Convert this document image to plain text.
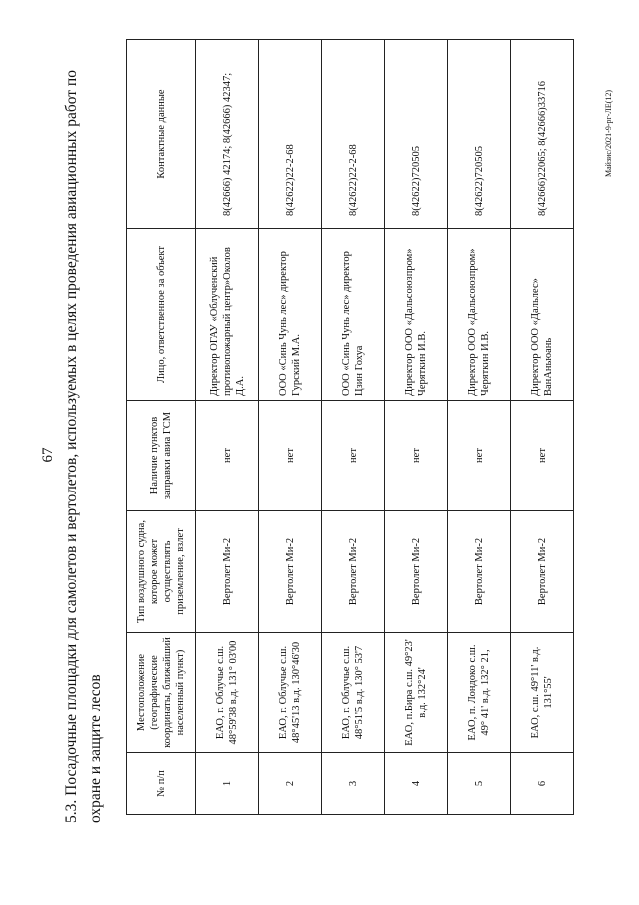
67 5.3. Посадочные площадки для самолетов и вертолетов, используемых в целях проведения авиационных работ по охране и защите лесов	№ п/п	Местоположение (географические координаты, ближайший населенный пункт)	Тип воздушного судна, которое может осуществлять приземление, взлет	Наличие пунктов заправки авиа ГСМ	Лицо, ответственное за объект	Контактные данные
1	ЕАО, г. Облучье с.ш. 48°59'38 в.д. 131° 03'00	Вертолет Ми-2	нет	Директор ОГАУ «Облученский противопожарный центр»Околов Д.А.	8(42666) 42174; 8(42666) 42347;
2	ЕАО, г. Облучье с.ш. 48°45'13 в.д. 130°46'30	Вертолет Ми-2	нет	ООО «Синь Чунь лес» директор Гурский М.А.	8(42622)22-2-68
3	ЕАО, г. Облучье с.ш. 48°51'5 в.д. 130° 53'7	Вертолет Ми-2	нет	ООО «Синь Чунь лес» директор Цзин Гохуа	8(42622)22-2-68
4	ЕАО, п.Бира с.ш. 49°23' в.д. 132°24'	Вертолет Ми-2	нет	Директор ООО «Дальсоюзпром» Черяткин И.В.	8(42622)720505
5	ЕАО, п. Лондоко с.ш. 49° 41' в.д. 132° 21,	Вертолет Ми-2	нет	Директор ООО «Дальсоюзпром» Черяткин И.В.	8(42622)720505
6	ЕАО, с.ш. 49°11' в.д. 131°55'	Вертолет Ми-2	нет	Директор ООО «Дальлес» ВанАньюань	8(42666)22065; 8(42666)33716	Майзис/2021-9-рг-ЛЕ(12)
